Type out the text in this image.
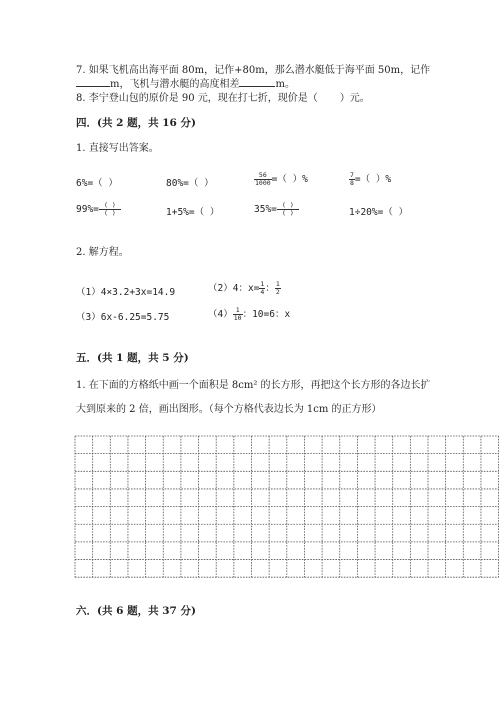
7. 如果飞机高出海平面 80m，记作+80m，那么潜水艇低于海平面 50m，记作
m，飞机与潜水艇的高度相差	m。
8. 李宁登山包的原价是 90 元，现在打七折，现价是（ ）元。
四．(共 2 题，共 16 分)
1. 直接写出答案。
6%=（ ）	80%=（ ）	$\frac{56}{1000}$ =（ ）%	$\frac{7}{8}$ =（ ）%
$99\%= \frac{( )}{( )}$	1+5%=（ ）	$35\%= \frac{( )}{( )}$	1÷20%=（ ）
2. 解方程。
（1）4×3.2+3x=14.9	（2）4：$x= \frac{1}{4}$ ： $\frac{1}{2}$
（3）6x-6.25=5.75	$(4) \frac{1}{10}$ ：10=6：x
五．(共 1 题，共 5 分)
1. 在下面的方格纸中画一个面积是 8cm² 的长方形，再把这个长方形的各边长扩
大到原来的 2 倍，画出图形。（每个方格代表边长为 1cm 的正方形）
六．(共 6 题，共 37 分)
